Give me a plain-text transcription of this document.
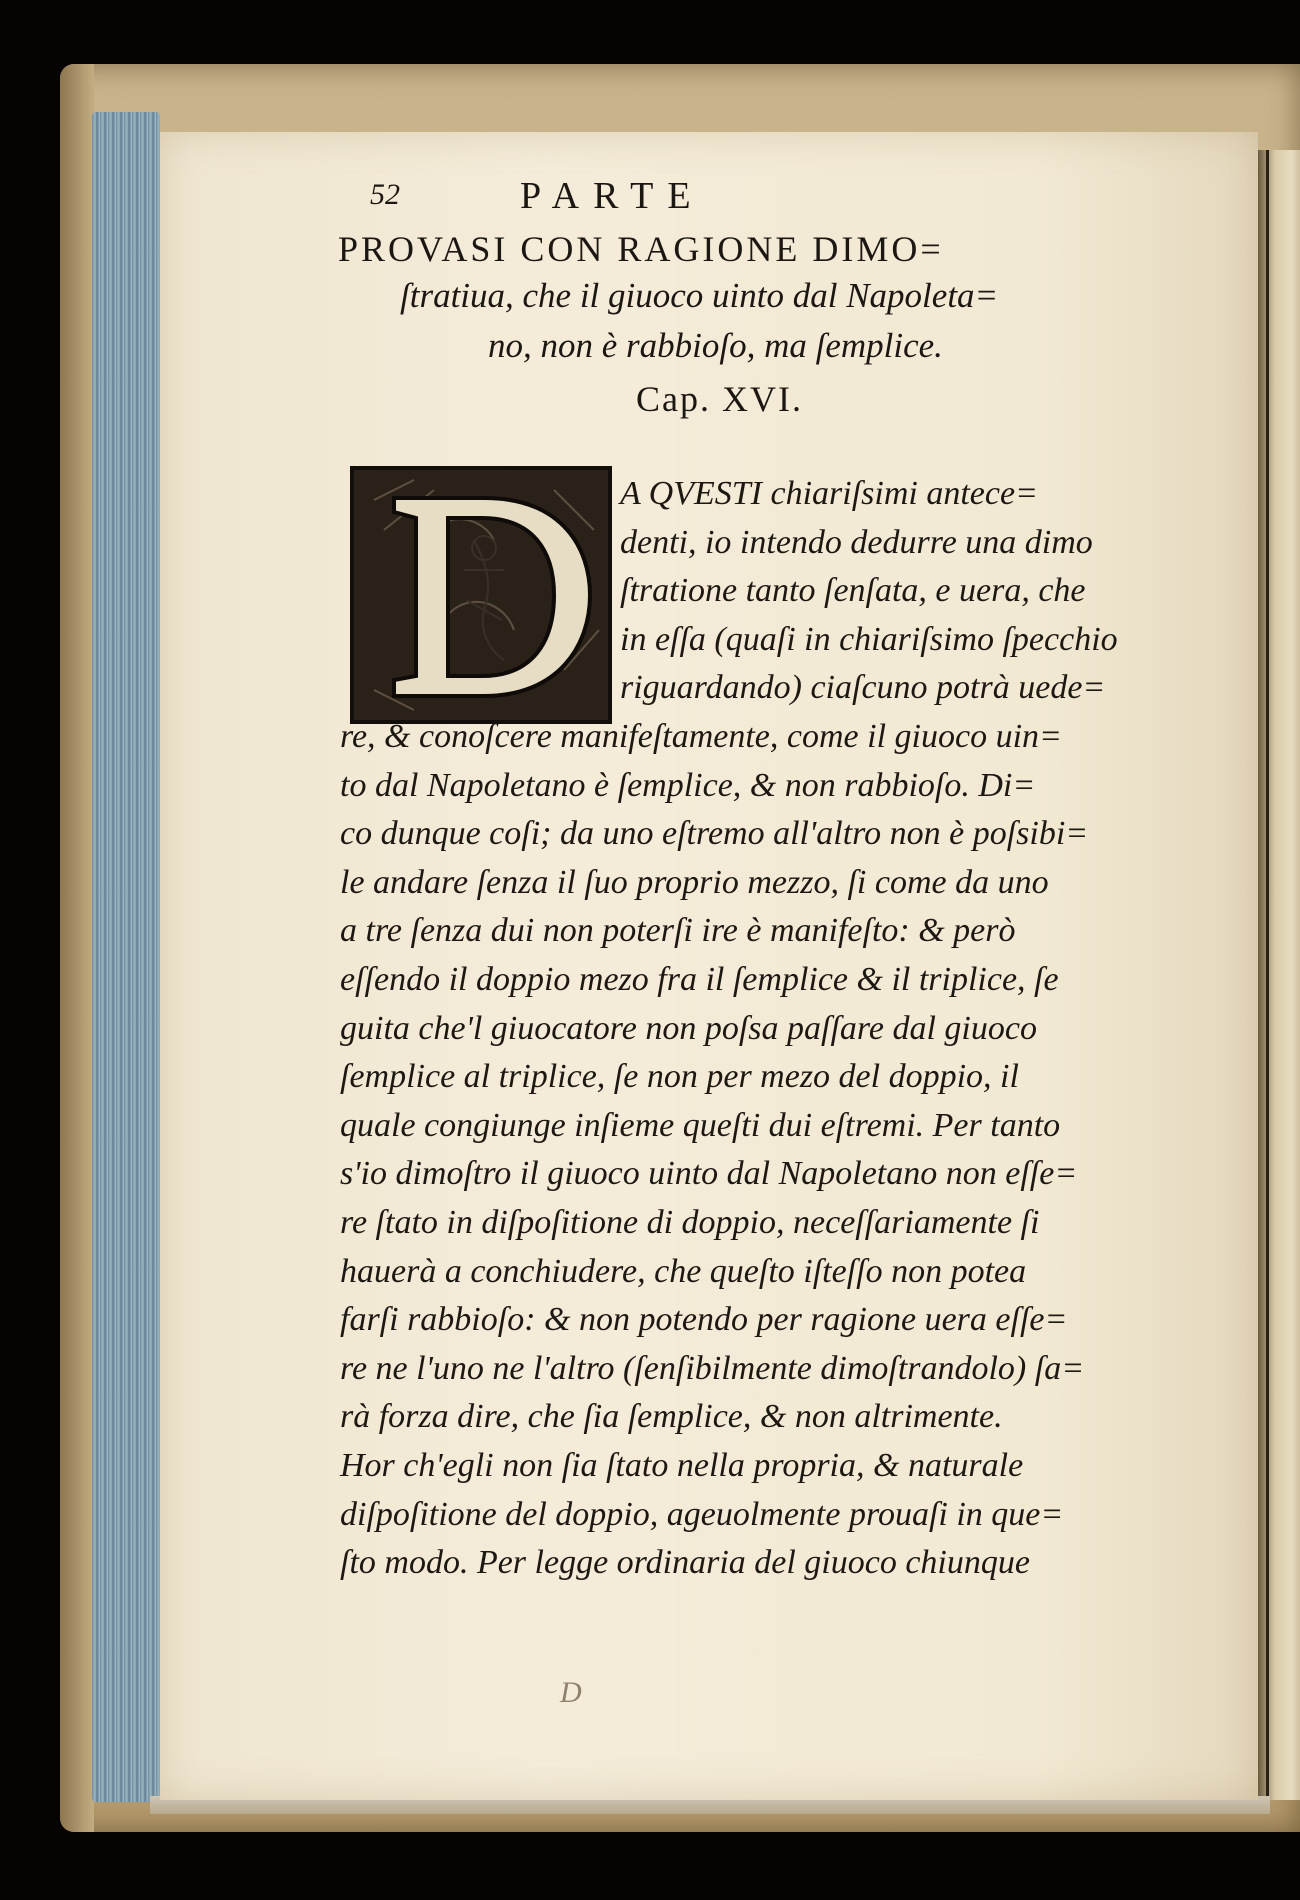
52	PARTE
PROVASI CON RAGIONE DIMO=
ſtratiua, che il giuoco uinto dal Napoleta=
no, non è rabbioſo, ma ſemplice.
Cap. XVI.
A QVESTI chiariſsimi antece=
denti, io intendo dedurre una dimo
ſtratione tanto ſenſata, e uera, che
in eſſa (quaſi in chiariſsimo ſpecchio
riguardando) ciaſcuno potrà uede=
re, & conoſcere manifeſtamente, come il giuoco uin=
to dal Napoletano è ſemplice, & non rabbioſo. Di=
co dunque coſi; da uno eſtremo all'altro non è poſsibi=
le andare ſenza il ſuo proprio mezzo, ſi come da uno
a tre ſenza dui non poterſi ire è manifeſto: & però
eſſendo il doppio mezo fra il ſemplice & il triplice, ſe
guita che'l giuocatore non poſsa paſſare dal giuoco
ſemplice al triplice, ſe non per mezo del doppio, il
quale congiunge inſieme queſti dui eſtremi. Per tanto
s'io dimoſtro il giuoco uinto dal Napoletano non eſſe=
re ſtato in diſpoſitione di doppio, neceſſariamente ſi
hauerà a conchiudere, che queſto iſteſſo non potea
farſi rabbioſo: & non potendo per ragione uera eſſe=
re ne l'uno ne l'altro (ſenſibilmente dimoſtrandolo) ſa=
rà forza dire, che ſia ſemplice, & non altrimente.
Hor ch'egli non ſia ſtato nella propria, & naturale
diſpoſitione del doppio, ageuolmente prouaſi in que=
ſto modo. Per legge ordinaria del giuoco chiunque
D
